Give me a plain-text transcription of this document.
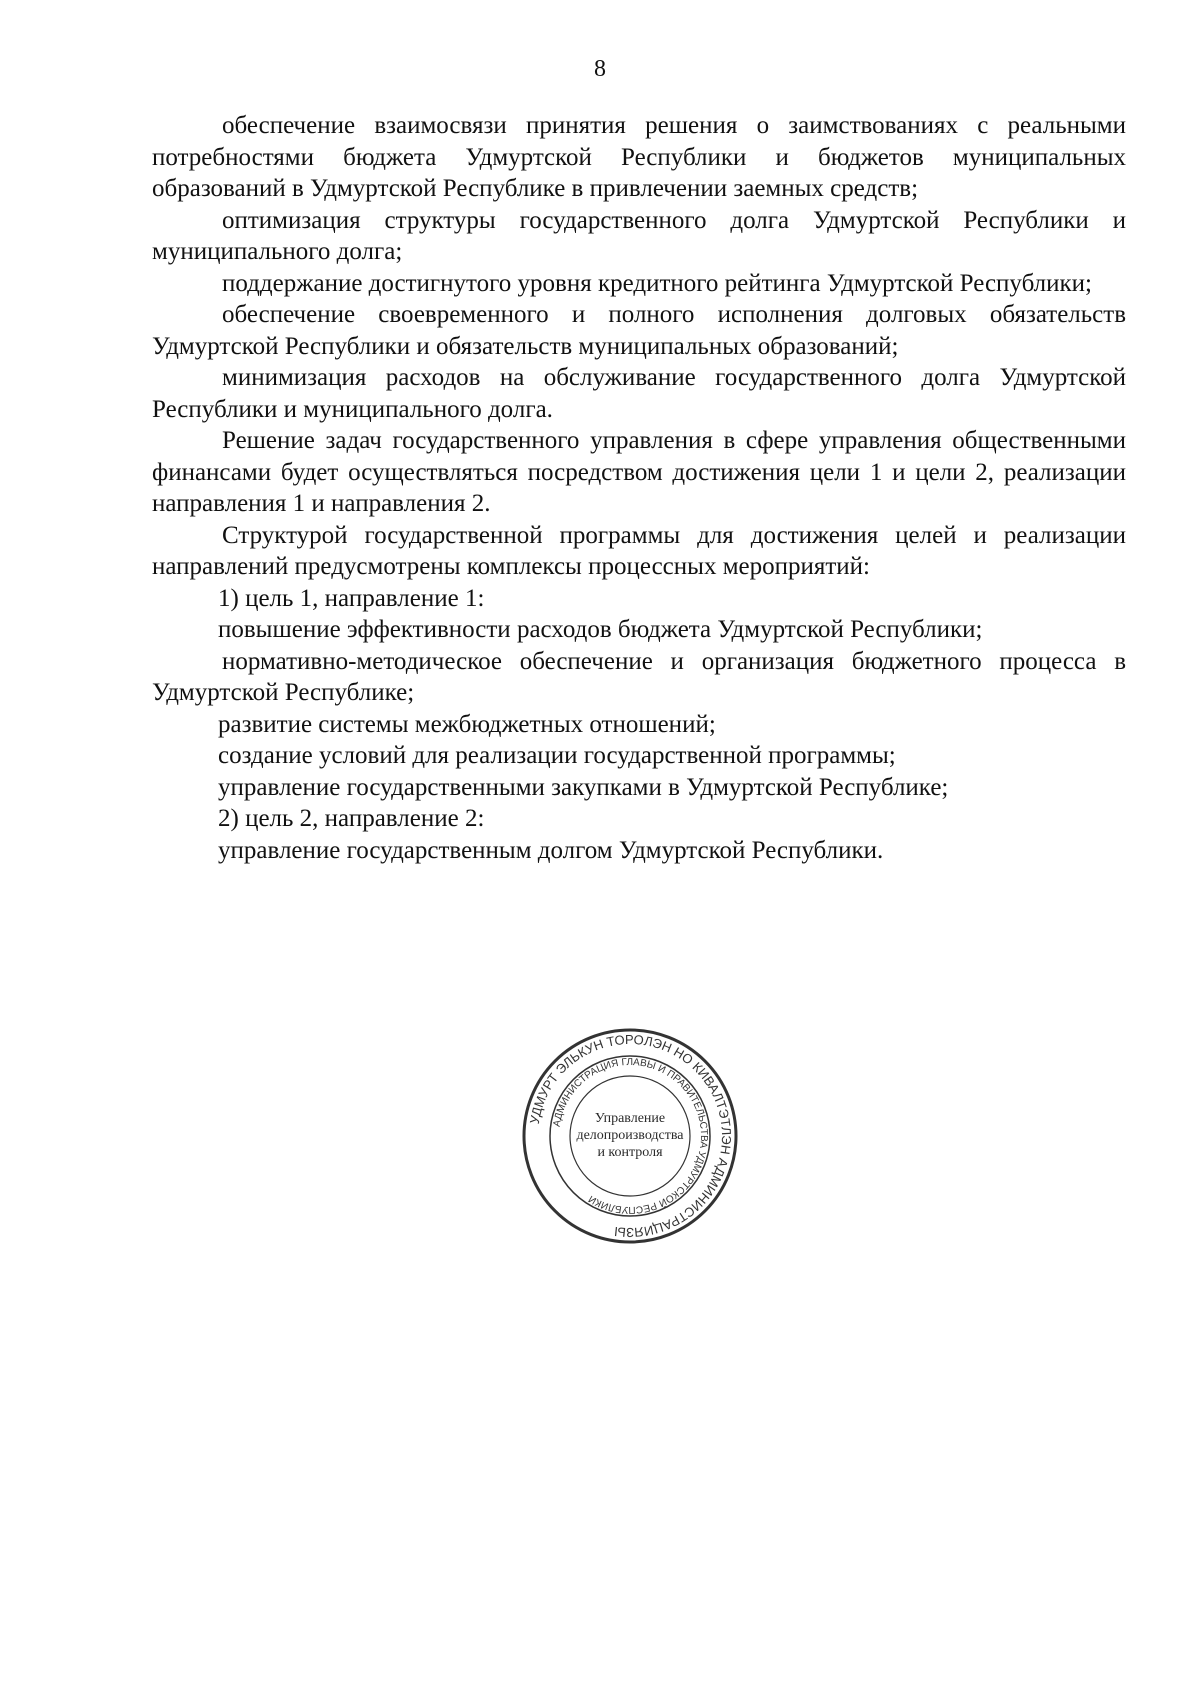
8

обеспечение взаимосвязи принятия решения о заимствованиях с реальными потребностями бюджета Удмуртской Республики и бюджетов муниципальных образований в Удмуртской Республике в привлечении заемных средств;

оптимизация структуры государственного долга Удмуртской Республики и муниципального долга;

поддержание достигнутого уровня кредитного рейтинга Удмуртской Республики;

обеспечение своевременного и полного исполнения долговых обязательств Удмуртской Республики и обязательств муниципальных образований;

минимизация расходов на обслуживание государственного долга Удмуртской Республики и муниципального долга.

Решение задач государственного управления в сфере управления общественными финансами будет осуществляться посредством достижения цели 1 и цели 2, реализации направления 1 и направления 2.

Структурой государственной программы для достижения целей и реализации направлений предусмотрены комплексы процессных мероприятий:

1) цель 1, направление 1:

повышение эффективности расходов бюджета Удмуртской Республики;

нормативно-методическое обеспечение и организация бюджетного процесса в Удмуртской Республике;

развитие системы межбюджетных отношений;

создание условий для реализации государственной программы;

управление государственными закупками в Удмуртской Республике;

2) цель 2, направление 2:

управление государственным долгом Удмуртской Республики.

УДМУРТ ЭЛЬКУН ТОРОЛЭН НО КИВАЛТЭТЛЭН АДМИНИСТРАЦИЯЗЫ
АДМИНИСТРАЦИЯ ГЛАВЫ И ПРАВИТЕЛЬСТВА УДМУРТСКОЙ РЕСПУБЛИКИ
Управление
делопроизводства
и контроля
